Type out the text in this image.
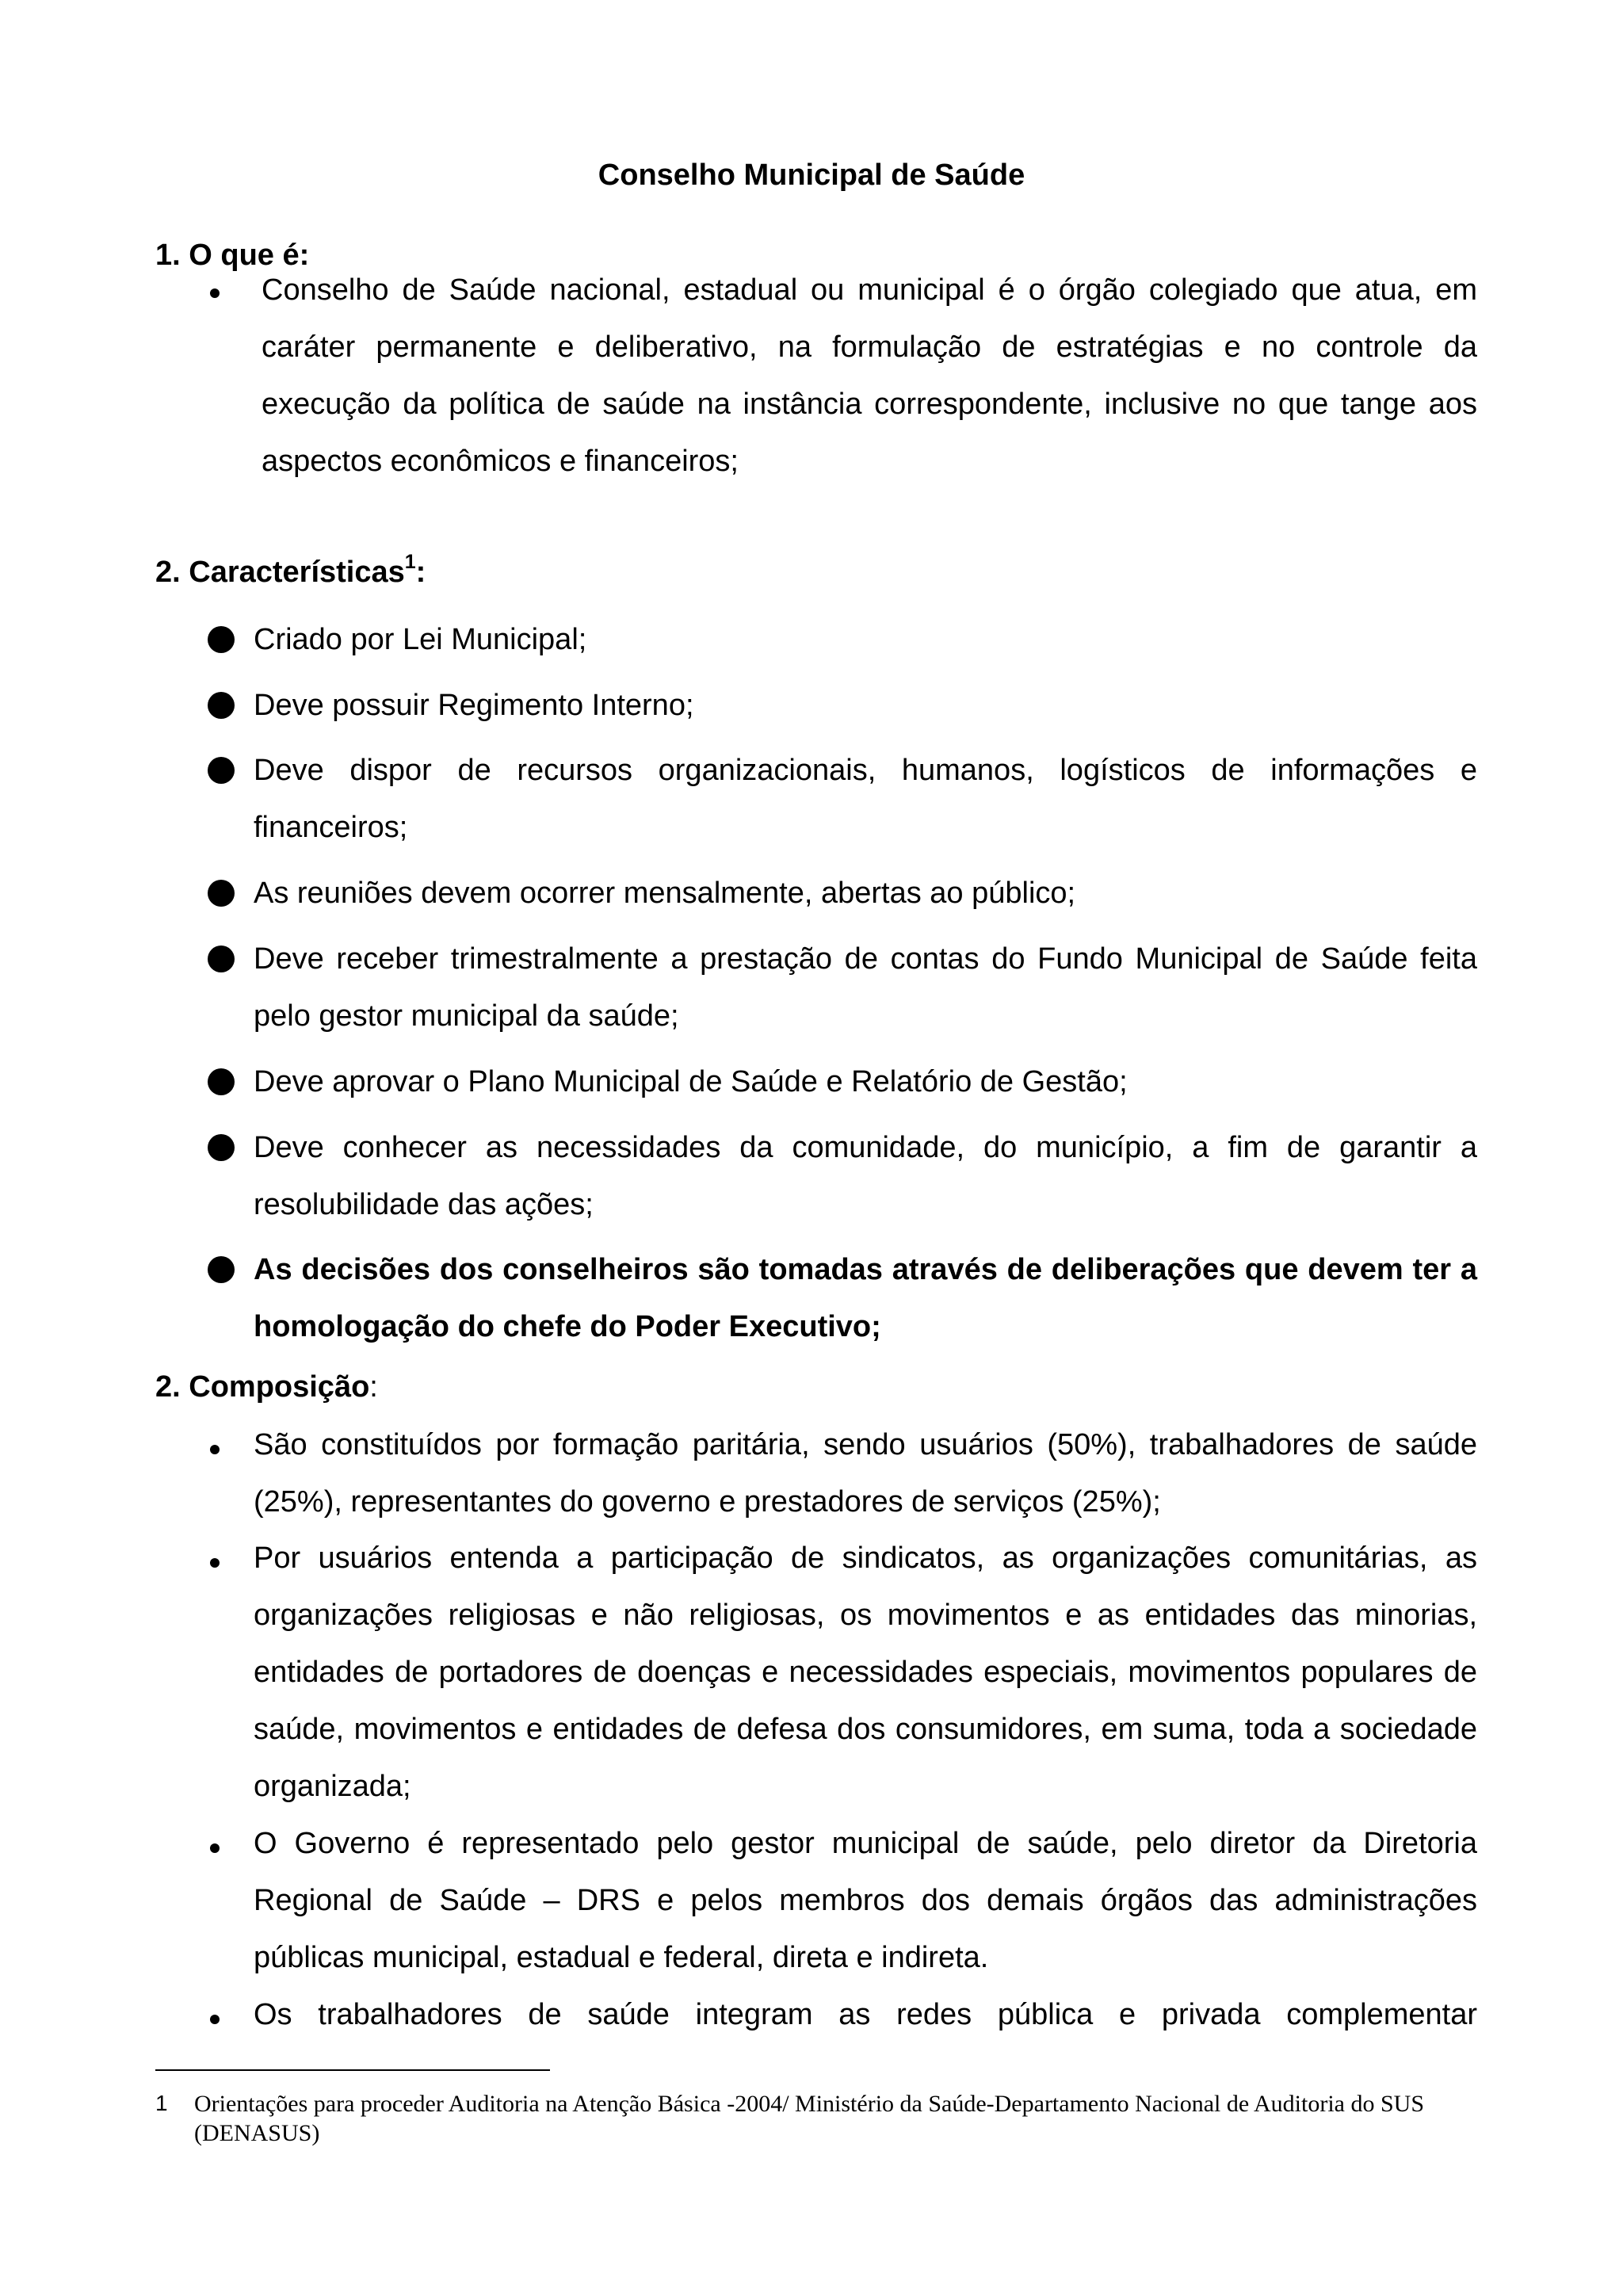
Conselho Municipal de Saúde
1. O que é:
Conselho de Saúde nacional, estadual ou municipal é o órgão colegiado que atua, em caráter permanente e deliberativo, na formulação de estratégias e no controle da execução da política de saúde na instância correspondente, inclusive no que tange aos aspectos econômicos e financeiros;
2. Características$^1$:
Criado por Lei Municipal;
Deve possuir Regimento Interno;
Deve dispor de recursos organizacionais, humanos, logísticos de informações e financeiros;
As reuniões devem ocorrer mensalmente, abertas ao público;
Deve receber trimestralmente a prestação de contas do Fundo Municipal de Saúde feita pelo gestor municipal da saúde;
Deve aprovar o Plano Municipal de Saúde e Relatório de Gestão;
Deve conhecer as necessidades da comunidade, do município, a fim de garantir a resolubilidade das ações;
As decisões dos conselheiros são tomadas através de deliberações que devem ter a homologação do chefe do Poder Executivo;
2. Composição:
São constituídos por formação paritária, sendo usuários (50%), trabalhadores de saúde (25%), representantes do governo e prestadores de serviços (25%);
Por usuários entenda a participação de sindicatos, as organizações comunitárias, as organizações religiosas e não religiosas, os movimentos e as entidades das minorias, entidades de portadores de doenças e necessidades especiais, movimentos populares de saúde, movimentos e entidades de defesa dos consumidores, em suma, toda a sociedade organizada;
O Governo é representado pelo gestor municipal de saúde, pelo diretor da Diretoria Regional de Saúde – DRS e pelos membros dos demais órgãos das administrações públicas municipal, estadual e federal, direta e indireta.
Os trabalhadores de saúde integram as redes pública e privada complementar
1 Orientações para proceder Auditoria na Atenção Básica -2004/ Ministério da Saúde-Departamento Nacional de Auditoria do SUS (DENASUS)
